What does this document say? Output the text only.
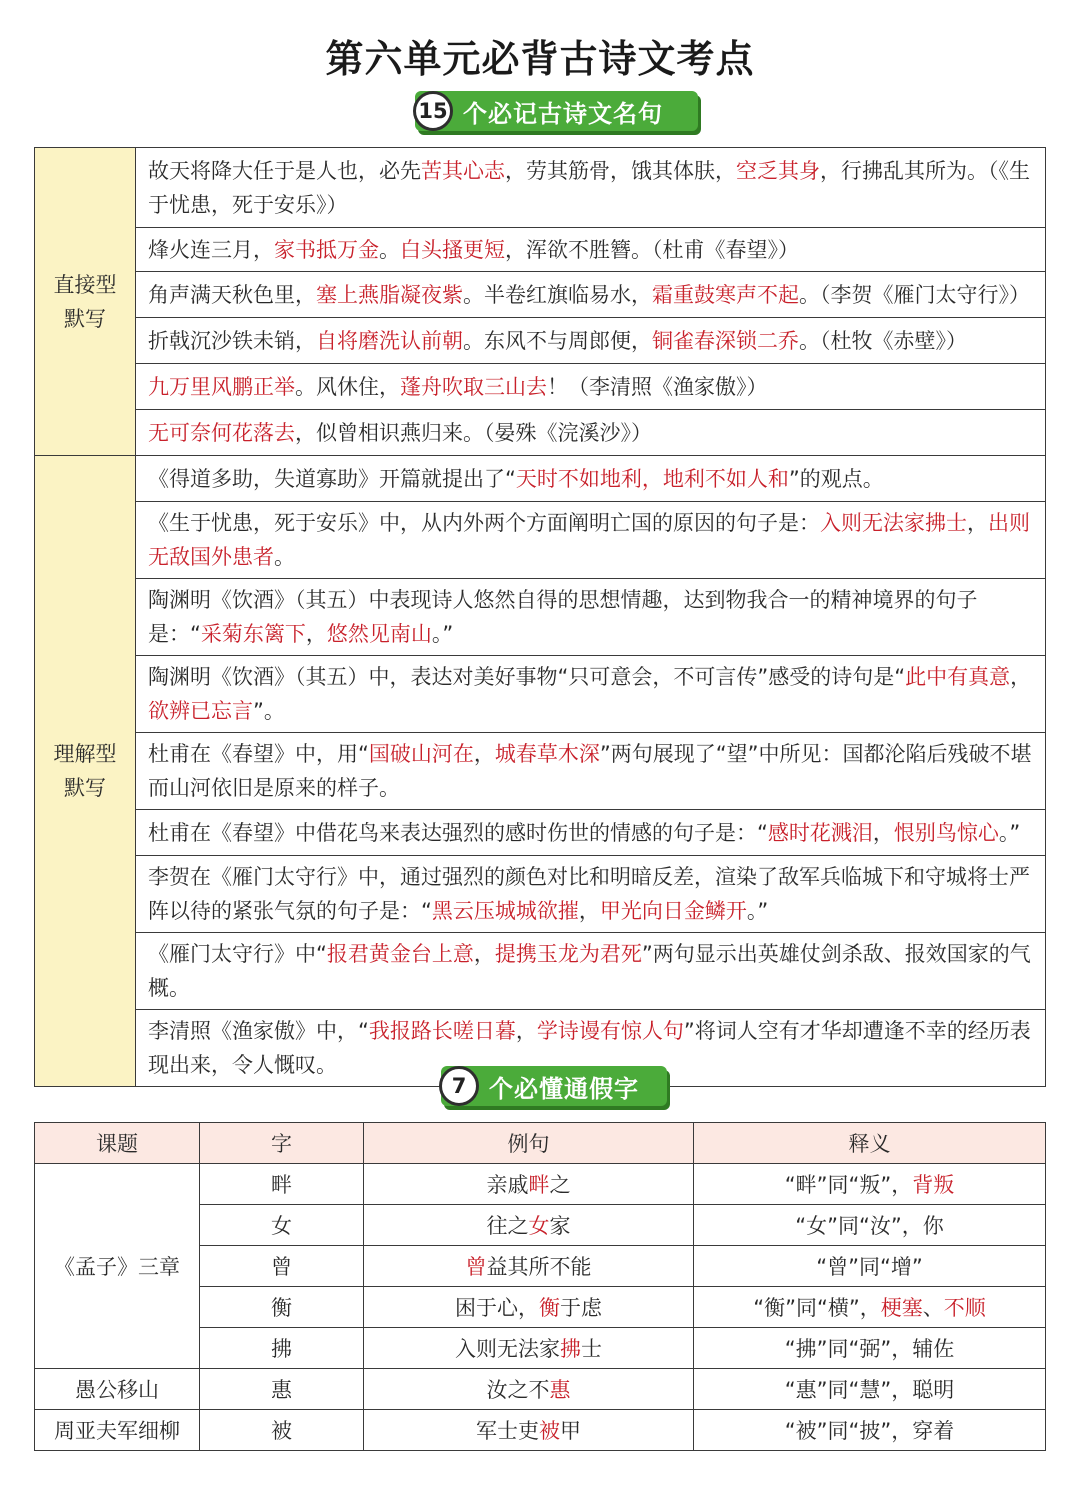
第六单元必背古诗文考点
15 个必记古诗文名句
直接型
默写	故天将降大任于是人也，必先苦其心志，劳其筋骨，饿其体肤，空乏其身，行拂乱其所为。（《生于忧患，死于安乐》）
	烽火连三月，家书抵万金。白头搔更短，浑欲不胜簪。（杜甫《春望》）
	角声满天秋色里，塞上燕脂凝夜紫。半卷红旗临易水，霜重鼓寒声不起。（李贺《雁门太守行》）
	折戟沉沙铁未销，自将磨洗认前朝。东风不与周郎便，铜雀春深锁二乔。（杜牧《赤壁》）
	九万里风鹏正举。风休住，蓬舟吹取三山去！（李清照《渔家傲》）
	无可奈何花落去，似曾相识燕归来。（晏殊《浣溪沙》）

理解型
默写	《得道多助，失道寡助》开篇就提出了“天时不如地利，地利不如人和”的观点。
	《生于忧患，死于安乐》中，从内外两个方面阐明亡国的原因的句子是：入则无法家拂士，出则无敌国外患者。
	陶渊明《饮酒》（其五）中表现诗人悠然自得的思想情趣，达到物我合一的精神境界的句子是：“采菊东篱下，悠然见南山。”
	陶渊明《饮酒》（其五）中，表达对美好事物“只可意会，不可言传”感受的诗句是“此中有真意，欲辨已忘言”。
	杜甫在《春望》中，用“国破山河在，城春草木深”两句展现了“望”中所见：国都沦陷后残破不堪而山河依旧是原来的样子。
	杜甫在《春望》中借花鸟来表达强烈的感时伤世的情感的句子是：“感时花溅泪，恨别鸟惊心。”
	李贺在《雁门太守行》中，通过强烈的颜色对比和明暗反差，渲染了敌军兵临城下和守城将士严阵以待的紧张气氛的句子是：“黑云压城城欲摧，甲光向日金鳞开。”
	《雁门太守行》中“报君黄金台上意，提携玉龙为君死”两句显示出英雄仗剑杀敌、报效国家的气概。
	李清照《渔家傲》中，“我报路长嗟日暮，学诗谩有惊人句”将词人空有才华却遭逢不幸的经历表现出来，令人慨叹。
7 个必懂通假字
课题	字	例句	释义
《孟子》三章	畔	亲戚畔之	“畔”同“叛”，背叛
	女	往之女家	“女”同“汝”，你
	曾	曾益其所不能	“曾”同“增”
	衡	困于心，衡于虑	“衡”同“横”，梗塞、不顺
	拂	入则无法家拂士	“拂”同“弼”，辅佐
愚公移山	惠	汝之不惠	“惠”同“慧”，聪明
周亚夫军细柳	被	军士吏被甲	“被”同“披”，穿着
